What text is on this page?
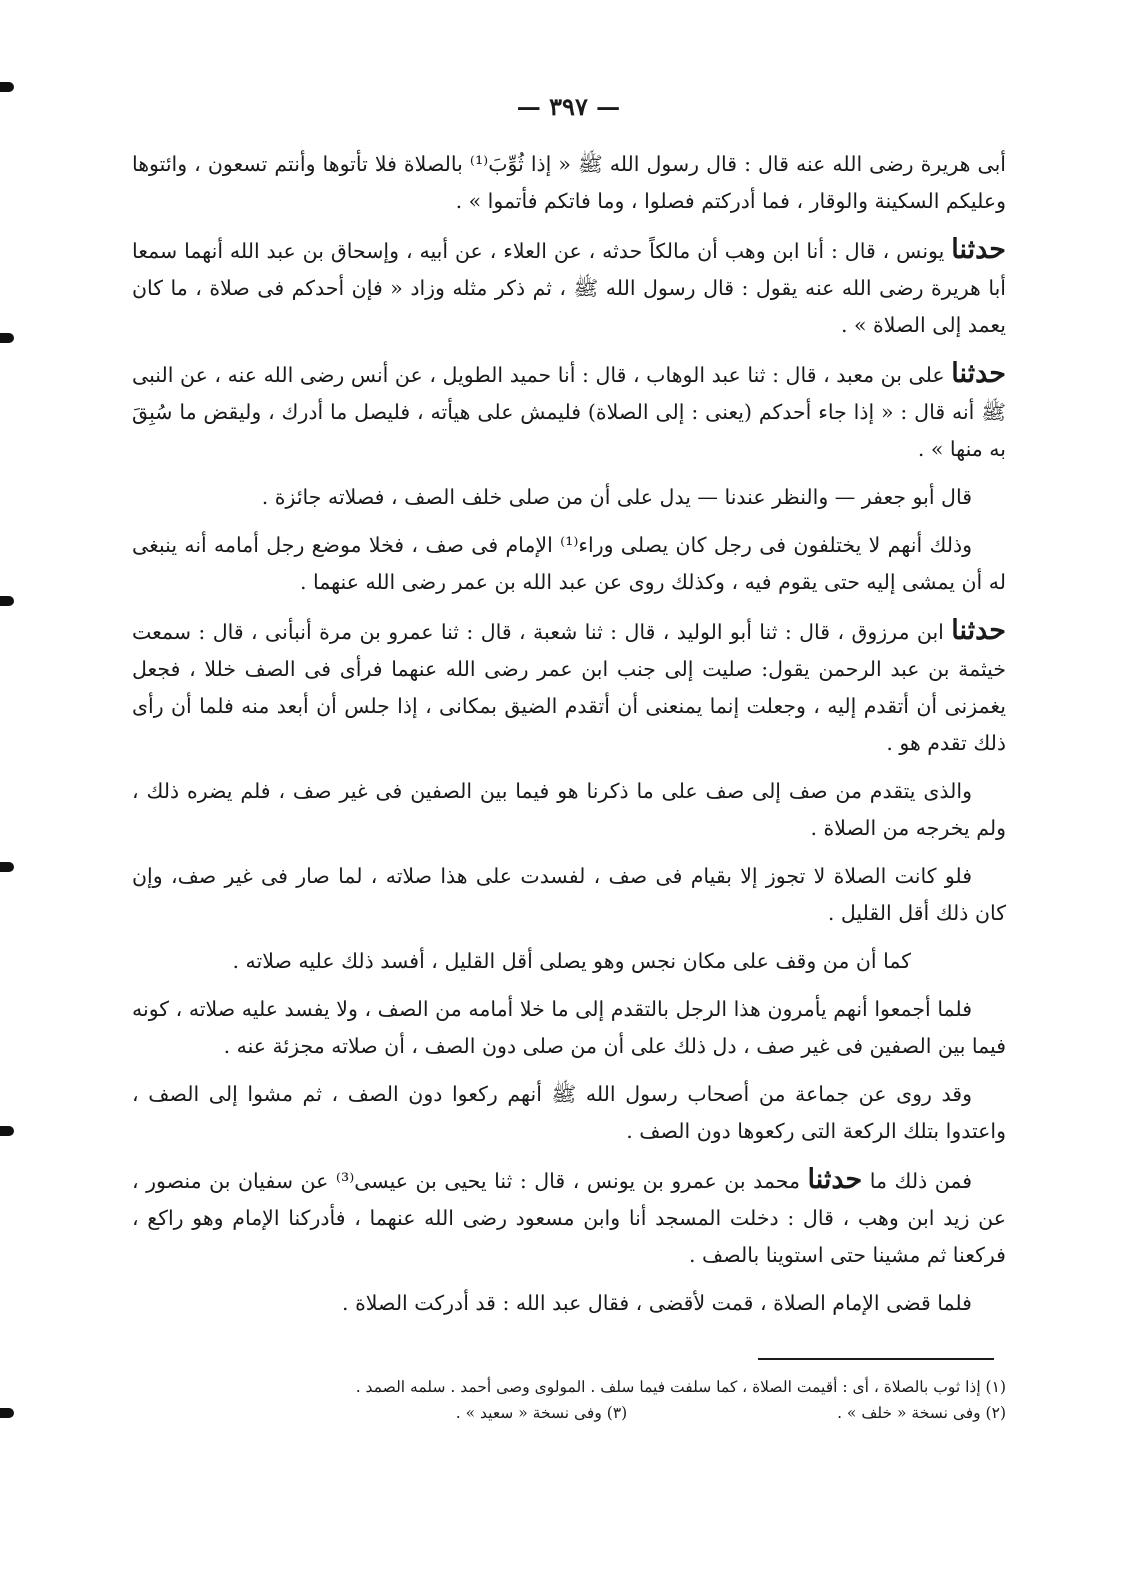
— ٣٩٧ —

أبى هريرة رضى الله عنه قال : قال رسول الله ﷺ « إذا ثُوِّبَ⁽¹⁾ بالصلاة فلا تأتوها وأنتم تسعون ، وائتوها وعليكم السكينة والوقار ، فما أدركتم فصلوا ، وما فاتكم فأتموا » .

حدثنا يونس ، قال : أنا ابن وهب أن مالكاً حدثه ، عن العلاء ، عن أبيه ، وإسحاق بن عبد الله أنهما سمعا أبا هريرة رضى الله عنه يقول : قال رسول الله ﷺ ، ثم ذكر مثله وزاد « فإن أحدكم فى صلاة ، ما كان يعمد إلى الصلاة » .

حدثنا على بن معبد ، قال : ثنا عبد الوهاب ، قال : أنا حميد الطويل ، عن أنس رضى الله عنه ، عن النبى ﷺ أنه قال : « إذا جاء أحدكم (يعنى : إلى الصلاة) فليمش على هيأته ، فليصل ما أدرك ، وليقض ما سُبِقَ به منها » .

قال أبو جعفر — والنظر عندنا — يدل على أن من صلى خلف الصف ، فصلاته جائزة .

وذلك أنهم لا يختلفون فى رجل كان يصلى وراء⁽¹⁾ الإمام فى صف ، فخلا موضع رجل أمامه أنه ينبغى له أن يمشى إليه حتى يقوم فيه ، وكذلك روى عن عبد الله بن عمر رضى الله عنهما .

حدثنا ابن مرزوق ، قال : ثنا أبو الوليد ، قال : ثنا شعبة ، قال : ثنا عمرو بن مرة أنبأنى ، قال : سمعت خيثمة بن عبد الرحمن يقول: صليت إلى جنب ابن عمر رضى الله عنهما فرأى فى الصف خللا ، فجعل يغمزنى أن أتقدم إليه ، وجعلت إنما يمنعنى أن أتقدم الضيق بمكانى ، إذا جلس أن أبعد منه فلما أن رأى ذلك تقدم هو .

والذى يتقدم من صف إلى صف على ما ذكرنا هو فيما بين الصفين فى غير صف ، فلم يضره ذلك ، ولم يخرجه من الصلاة .

فلو كانت الصلاة لا تجوز إلا بقيام فى صف ، لفسدت على هذا صلاته ، لما صار فى غير صف، وإن كان ذلك أقل القليل .

كما أن من وقف على مكان نجس وهو يصلى أقل القليل ، أفسد ذلك عليه صلاته .

فلما أجمعوا أنهم يأمرون هذا الرجل بالتقدم إلى ما خلا أمامه من الصف ، ولا يفسد عليه صلاته ، كونه فيما بين الصفين فى غير صف ، دل ذلك على أن من صلى دون الصف ، أن صلاته مجزئة عنه .

وقد روى عن جماعة من أصحاب رسول الله ﷺ أنهم ركعوا دون الصف ، ثم مشوا إلى الصف ، واعتدوا بتلك الركعة التى ركعوها دون الصف .

فمن ذلك ما حدثنا محمد بن عمرو بن يونس ، قال : ثنا يحيى بن عيسى⁽³⁾ عن سفيان بن منصور ، عن زيد ابن وهب ، قال : دخلت المسجد أنا وابن مسعود رضى الله عنهما ، فأدركنا الإمام وهو راكع ، فركعنا ثم مشينا حتى استوينا بالصف .

فلما قضى الإمام الصلاة ، قمت لأقضى ، فقال عبد الله : قد أدركت الصلاة .

(١) إذا ثوب بالصلاة ، أى : أقيمت الصلاة ، كما سلفت فيما سلف . المولوى وصى أحمد . سلمه الصمد .
(٢) وفى نسخة « خلف » .  (٣) وفى نسخة « سعيد » .
